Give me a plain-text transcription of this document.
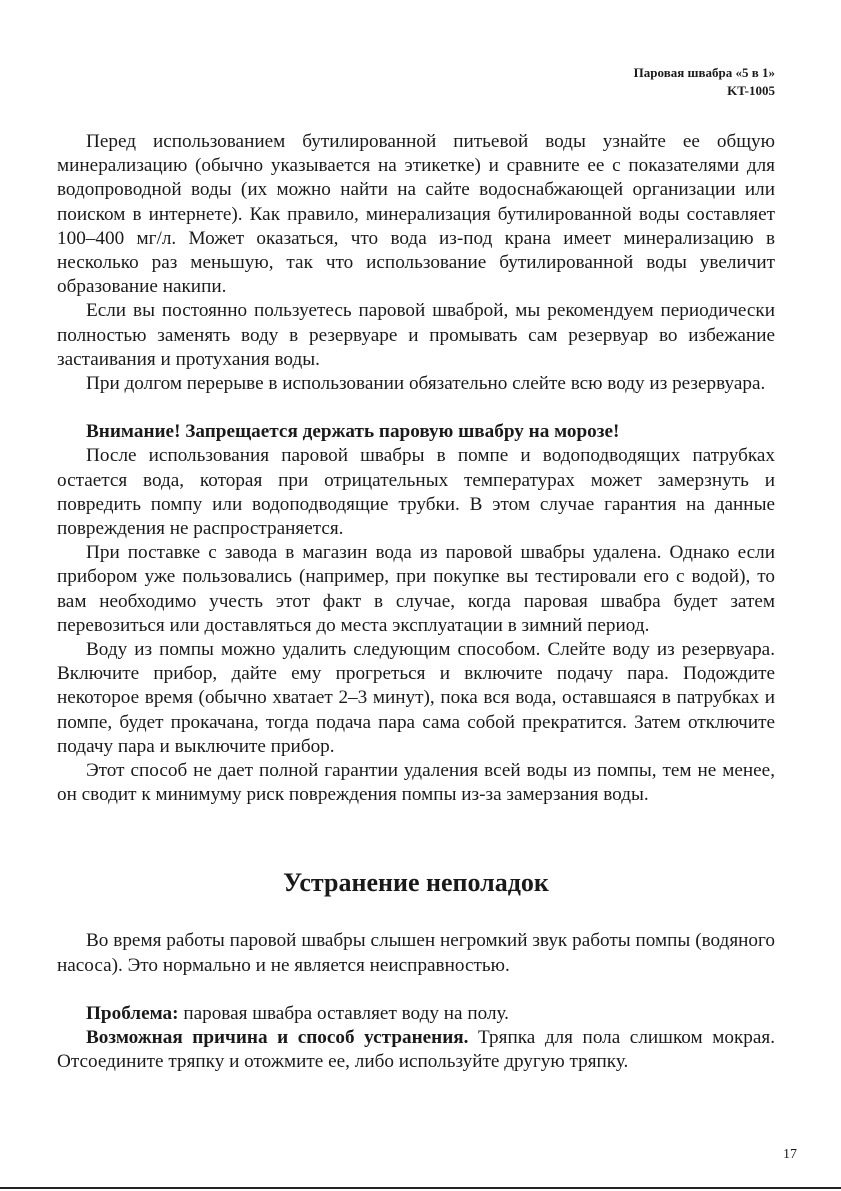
Паровая швабра «5 в 1»
KT-1005

Перед использованием бутилированной питьевой воды узнайте ее общую минерализацию (обычно указывается на этикетке) и сравните ее с показателями для водопроводной воды (их можно найти на сайте водоснабжающей организации или поиском в интернете). Как правило, минерализация бутилированной воды составляет 100–400 мг/л. Может оказаться, что вода из-под крана имеет минерализацию в несколько раз меньшую, так что использование бутилированной воды увеличит образование накипи.

Если вы постоянно пользуетесь паровой шваброй, мы рекомендуем периодически полностью заменять воду в резервуаре и промывать сам резервуар во избежание застаивания и протухания воды.

При долгом перерыве в использовании обязательно слейте всю воду из резервуара.

Внимание! Запрещается держать паровую швабру на морозе!

После использования паровой швабры в помпе и водоподводящих патрубках остается вода, которая при отрицательных температурах может замерзнуть и повредить помпу или водоподводящие трубки. В этом случае гарантия на данные повреждения не распространяется.

При поставке с завода в магазин вода из паровой швабры удалена. Однако если прибором уже пользовались (например, при покупке вы тестировали его с водой), то вам необходимо учесть этот факт в случае, когда паровая швабра будет затем перевозиться или доставляться до места эксплуатации в зимний период.

Воду из помпы можно удалить следующим способом. Слейте воду из резервуара. Включите прибор, дайте ему прогреться и включите подачу пара. Подождите некоторое время (обычно хватает 2–3 минут), пока вся вода, оставшаяся в патрубках и помпе, будет прокачана, тогда подача пара сама собой прекратится. Затем отключите подачу пара и выключите прибор.

Этот способ не дает полной гарантии удаления всей воды из помпы, тем не менее, он сводит к минимуму риск повреждения помпы из-за замерзания воды.

Устранение неполадок

Во время работы паровой швабры слышен негромкий звук работы помпы (водяного насоса). Это нормально и не является неисправностью.

Проблема: паровая швабра оставляет воду на полу.

Возможная причина и способ устранения. Тряпка для пола слишком мокрая. Отсоедините тряпку и отожмите ее, либо используйте другую тряпку.

17
